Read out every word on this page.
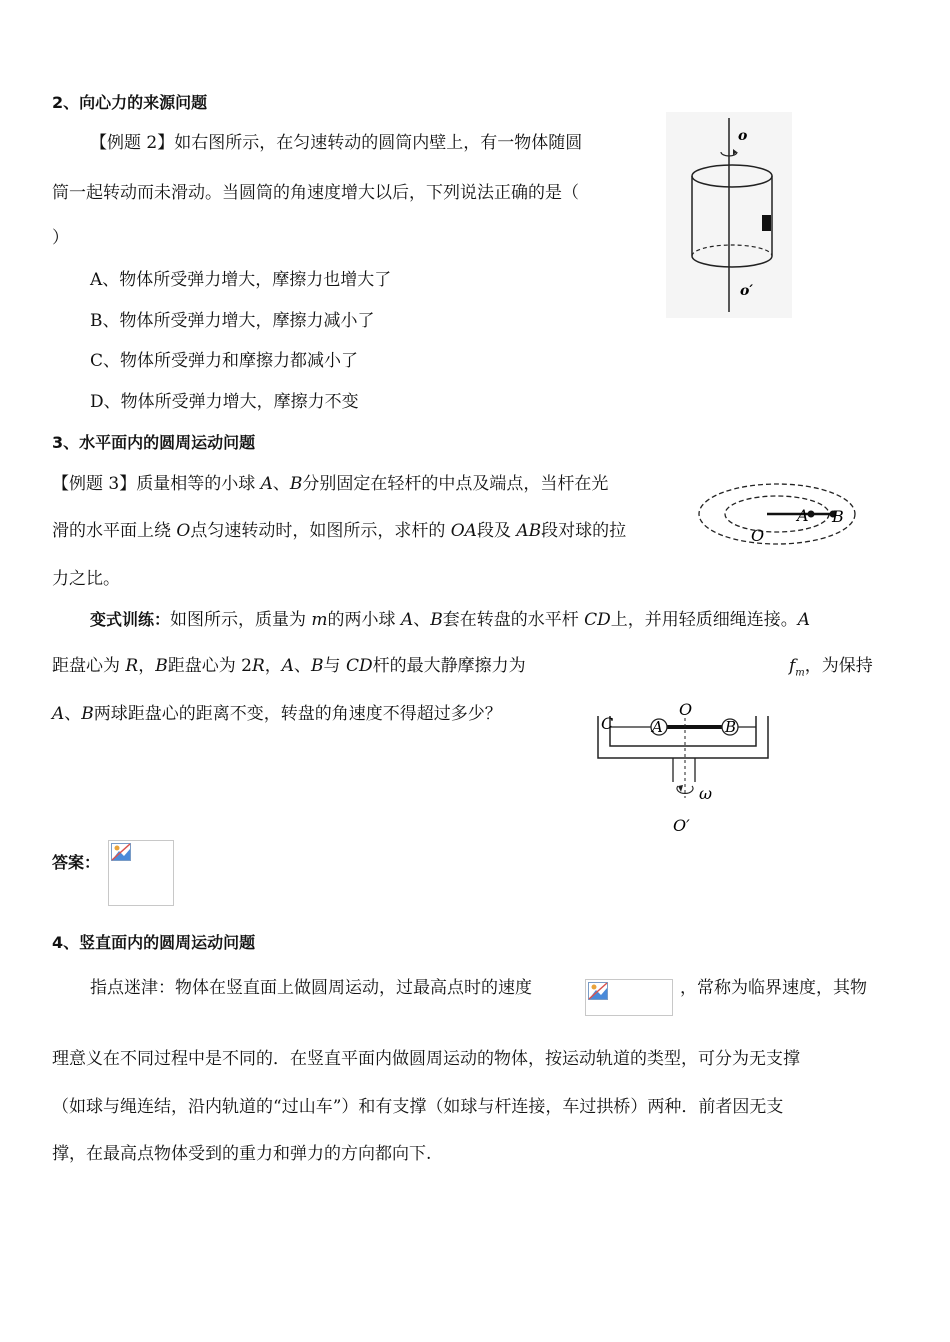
2、向心力的来源问题
【例题 2】如右图所示，在匀速转动的圆筒内壁上，有一物体随圆
筒一起转动而未滑动。当圆筒的角速度增大以后，下列说法正确的是（
）
A、物体所受弹力增大，摩擦力也增大了
B、物体所受弹力增大，摩擦力减小了
C、物体所受弹力和摩擦力都减小了
D、物体所受弹力增大，摩擦力不变
o
o′
3、水平面内的圆周运动问题
【例题 3】质量相等的小球 A、B分别固定在轻杆的中点及端点，当杆在光
滑的水平面上绕 O点匀速转动时，如图所示，求杆的 OA段及 AB段对球的拉
力之比。
A B
O
变式训练：如图所示，质量为 m的两小球 A、B套在转盘的水平杆 CD上，并用轻质细绳连接。A
距盘心为 R，B距盘心为 2R，A、B与 CD杆的最大静摩擦力为	$f_m$，为保持
A、B两球距盘心的距离不变，转盘的角速度不得超过多少？	C	A	B
O
ω
O′
答案：
4、竖直面内的圆周运动问题
指点迷津：物体在竖直面上做圆周运动，过最高点时的速度	，常称为临界速度，其物
理意义在不同过程中是不同的．在竖直平面内做圆周运动的物体，按运动轨道的类型，可分为无支撑
（如球与绳连结，沿内轨道的“过山车”）和有支撑（如球与杆连接，车过拱桥）两种．前者因无支
撑，在最高点物体受到的重力和弹力的方向都向下.
